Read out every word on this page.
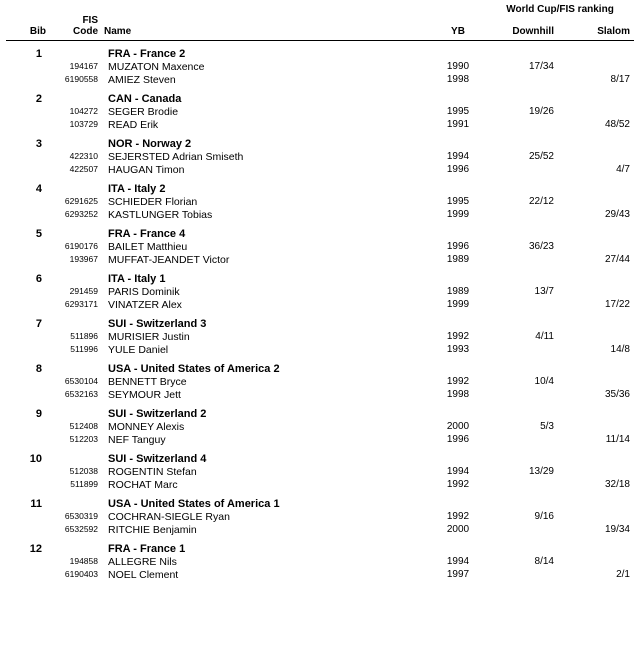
				World Cup/FIS ranking	
Bib	FIS
Code	Name	YB	Downhill	Slalom
1		FRA - France 2			
	194167	MUZATON Maxence	1990	17/34	
	6190558	AMIEZ Steven	1998		8/17
2		CAN - Canada			
	104272	SEGER Brodie	1995	19/26	
	103729	READ Erik	1991		48/52
3		NOR - Norway 2			
	422310	SEJERSTED Adrian Smiseth	1994	25/52	
	422507	HAUGAN Timon	1996		4/7
4		ITA - Italy 2			
	6291625	SCHIEDER Florian	1995	22/12	
	6293252	KASTLUNGER Tobias	1999		29/43
5		FRA - France 4			
	6190176	BAILET Matthieu	1996	36/23	
	193967	MUFFAT-JEANDET Victor	1989		27/44
6		ITA - Italy 1			
	291459	PARIS Dominik	1989	13/7	
	6293171	VINATZER Alex	1999		17/22
7		SUI - Switzerland 3			
	511896	MURISIER Justin	1992	4/11	
	511996	YULE Daniel	1993		14/8
8		USA - United States of America 2			
	6530104	BENNETT Bryce	1992	10/4	
	6532163	SEYMOUR Jett	1998		35/36
9		SUI - Switzerland 2			
	512408	MONNEY Alexis	2000	5/3	
	512203	NEF Tanguy	1996		11/14
10		SUI - Switzerland 4			
	512038	ROGENTIN Stefan	1994	13/29	
	511899	ROCHAT Marc	1992		32/18
11		USA - United States of America 1			
	6530319	COCHRAN-SIEGLE Ryan	1992	9/16	
	6532592	RITCHIE Benjamin	2000		19/34
12		FRA - France 1			
	194858	ALLEGRE Nils	1994	8/14	
	6190403	NOEL Clement	1997		2/1
